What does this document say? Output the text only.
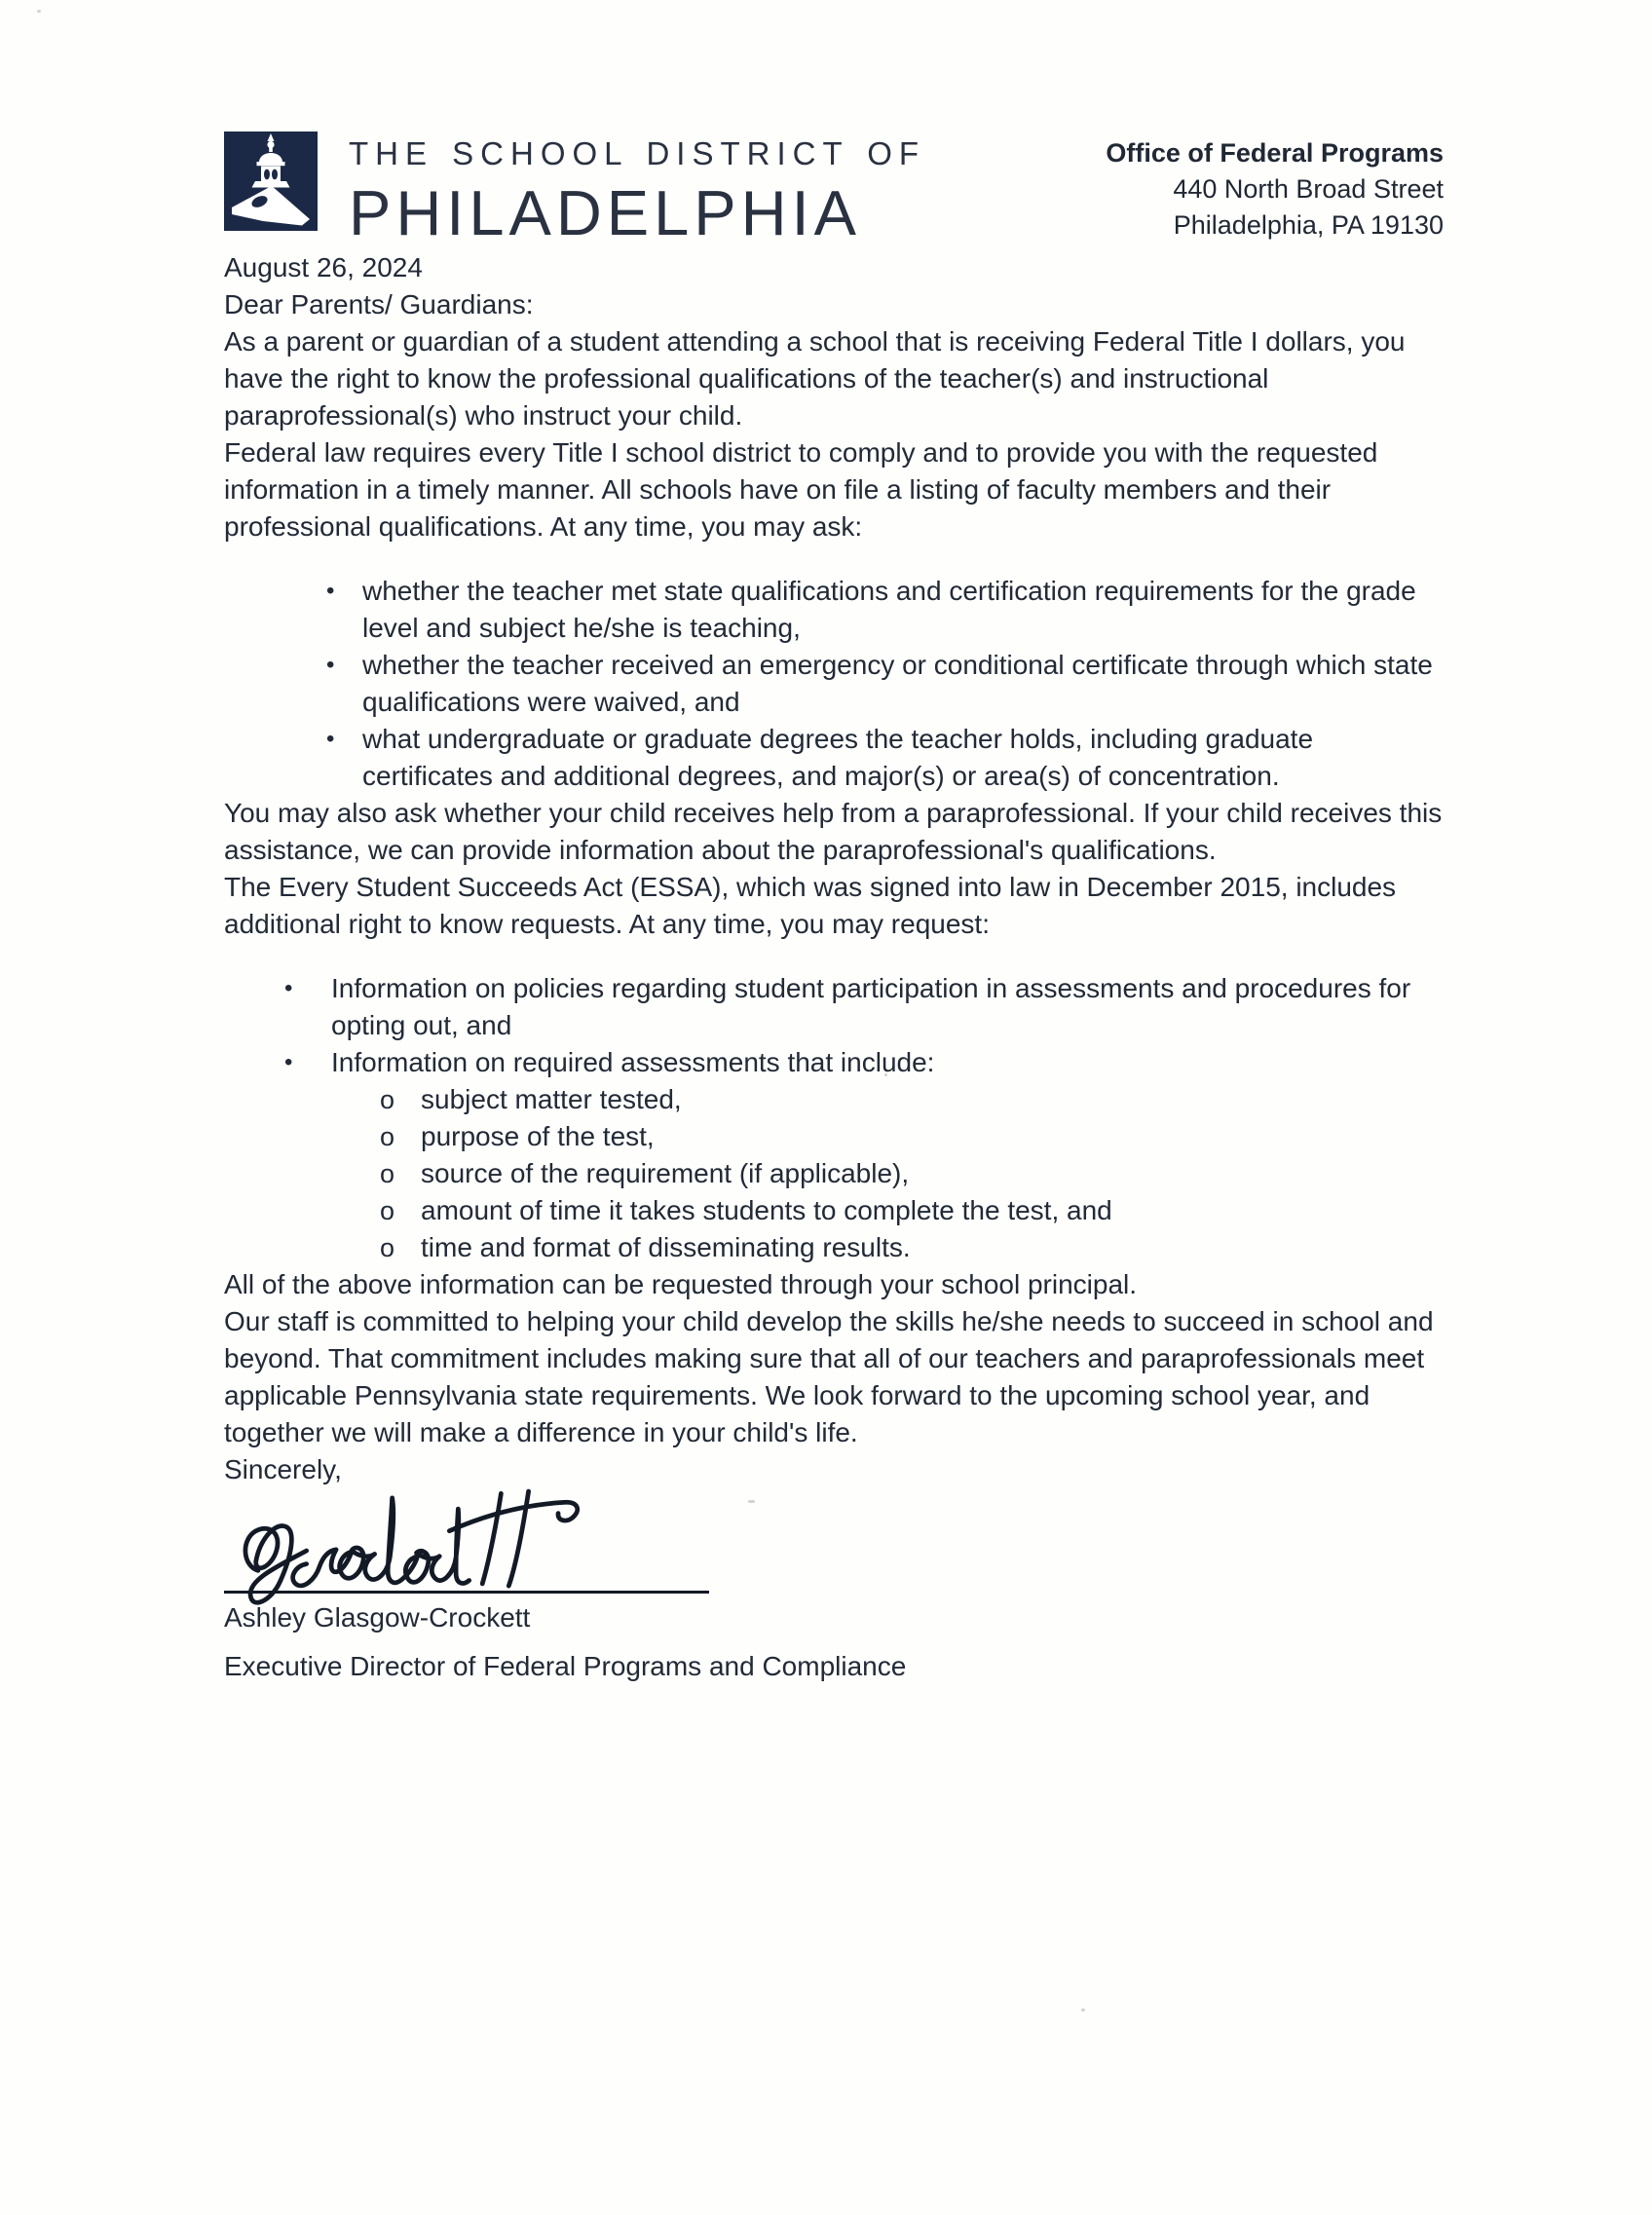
THE SCHOOL DISTRICT OF
PHILADELPHIA
Office of Federal Programs
440 North Broad Street
Philadelphia, PA 19130

August 26, 2024

Dear Parents/ Guardians:

As a parent or guardian of a student attending a school that is receiving Federal Title I dollars, you have the right to know the professional qualifications of the teacher(s) and instructional paraprofessional(s) who instruct your child.

Federal law requires every Title I school district to comply and to provide you with the requested information in a timely manner. All schools have on file a listing of faculty members and their professional qualifications. At any time, you may ask:

•	whether the teacher met state qualifications and certification requirements for the grade level and subject he/she is teaching,
•	whether the teacher received an emergency or conditional certificate through which state qualifications were waived, and
•	what undergraduate or graduate degrees the teacher holds, including graduate certificates and additional degrees, and major(s) or area(s) of concentration.

You may also ask whether your child receives help from a paraprofessional. If your child receives this assistance, we can provide information about the paraprofessional's qualifications.

The Every Student Succeeds Act (ESSA), which was signed into law in December 2015, includes additional right to know requests. At any time, you may request:

•	Information on policies regarding student participation in assessments and procedures for opting out, and
•	Information on required assessments that include:
o subject matter tested,
o purpose of the test,
o source of the requirement (if applicable),
o amount of time it takes students to complete the test, and
o time and format of disseminating results.

All of the above information can be requested through your school principal.

Our staff is committed to helping your child develop the skills he/she needs to succeed in school and beyond. That commitment includes making sure that all of our teachers and paraprofessionals meet applicable Pennsylvania state requirements. We look forward to the upcoming school year, and together we will make a difference in your child's life.

Sincerely,

Ashley Glasgow-Crockett

Executive Director of Federal Programs and Compliance
